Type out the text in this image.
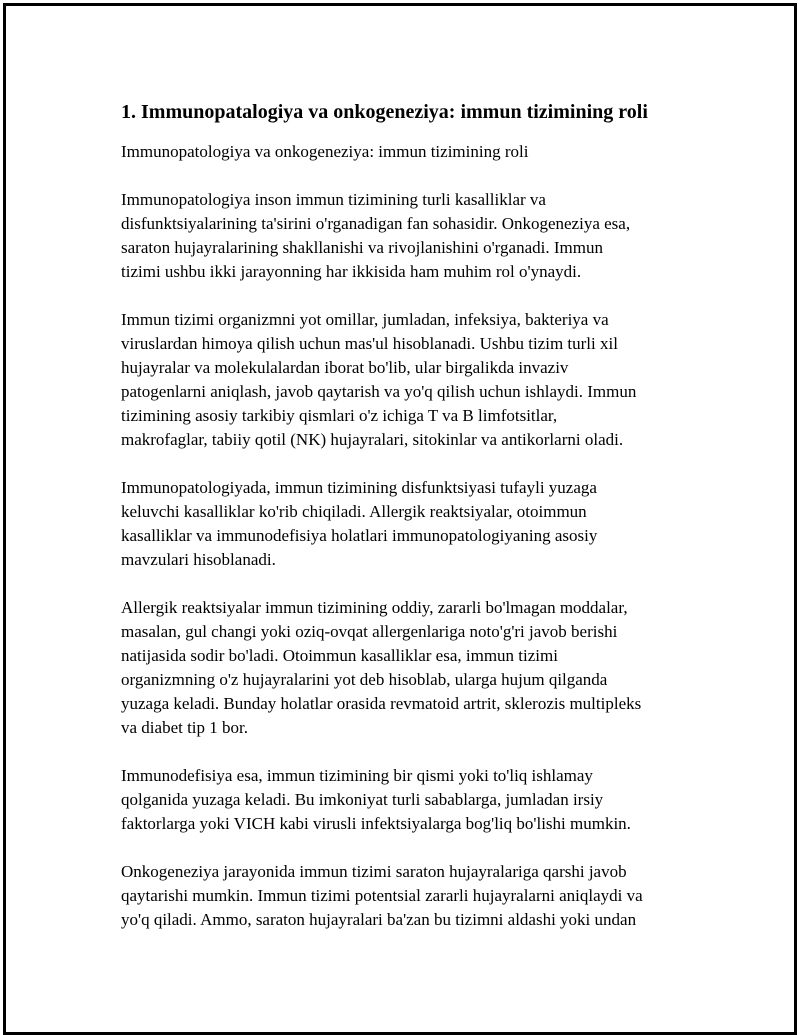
1. Immunopatalogiya va onkogeneziya: immun tizimining roli

Immunopatologiya va onkogeneziya: immun tizimining roli

Immunopatologiya inson immun tizimining turli kasalliklar va
disfunktsiyalarining ta'sirini o'rganadigan fan sohasidir. Onkogeneziya esa,
saraton hujayralarining shakllanishi va rivojlanishini o'rganadi. Immun
tizimi ushbu ikki jarayonning har ikkisida ham muhim rol o'ynaydi.

Immun tizimi organizmni yot omillar, jumladan, infeksiya, bakteriya va
viruslardan himoya qilish uchun mas'ul hisoblanadi. Ushbu tizim turli xil
hujayralar va molekulalardan iborat bo'lib, ular birgalikda invaziv
patogenlarni aniqlash, javob qaytarish va yo'q qilish uchun ishlaydi. Immun
tizimining asosiy tarkibiy qismlari o'z ichiga T va B limfotsitlar,
makrofaglar, tabiiy qotil (NK) hujayralari, sitokinlar va antikorlarni oladi.

Immunopatologiyada, immun tizimining disfunktsiyasi tufayli yuzaga
keluvchi kasalliklar ko'rib chiqiladi. Allergik reaktsiyalar, otoimmun
kasalliklar va immunodefisiya holatlari immunopatologiyaning asosiy
mavzulari hisoblanadi.

Allergik reaktsiyalar immun tizimining oddiy, zararli bo'lmagan moddalar,
masalan, gul changi yoki oziq-ovqat allergenlariga noto'g'ri javob berishi
natijasida sodir bo'ladi. Otoimmun kasalliklar esa, immun tizimi
organizmning o'z hujayralarini yot deb hisoblab, ularga hujum qilganda
yuzaga keladi. Bunday holatlar orasida revmatoid artrit, sklerozis multipleks
va diabet tip 1 bor.

Immunodefisiya esa, immun tizimining bir qismi yoki to'liq ishlamay
qolganida yuzaga keladi. Bu imkoniyat turli sabablarga, jumladan irsiy
faktorlarga yoki VICH kabi virusli infektsiyalarga bog'liq bo'lishi mumkin.

Onkogeneziya jarayonida immun tizimi saraton hujayralariga qarshi javob
qaytarishi mumkin. Immun tizimi potentsial zararli hujayralarni aniqlaydi va
yo'q qiladi. Ammo, saraton hujayralari ba'zan bu tizimni aldashi yoki undan
